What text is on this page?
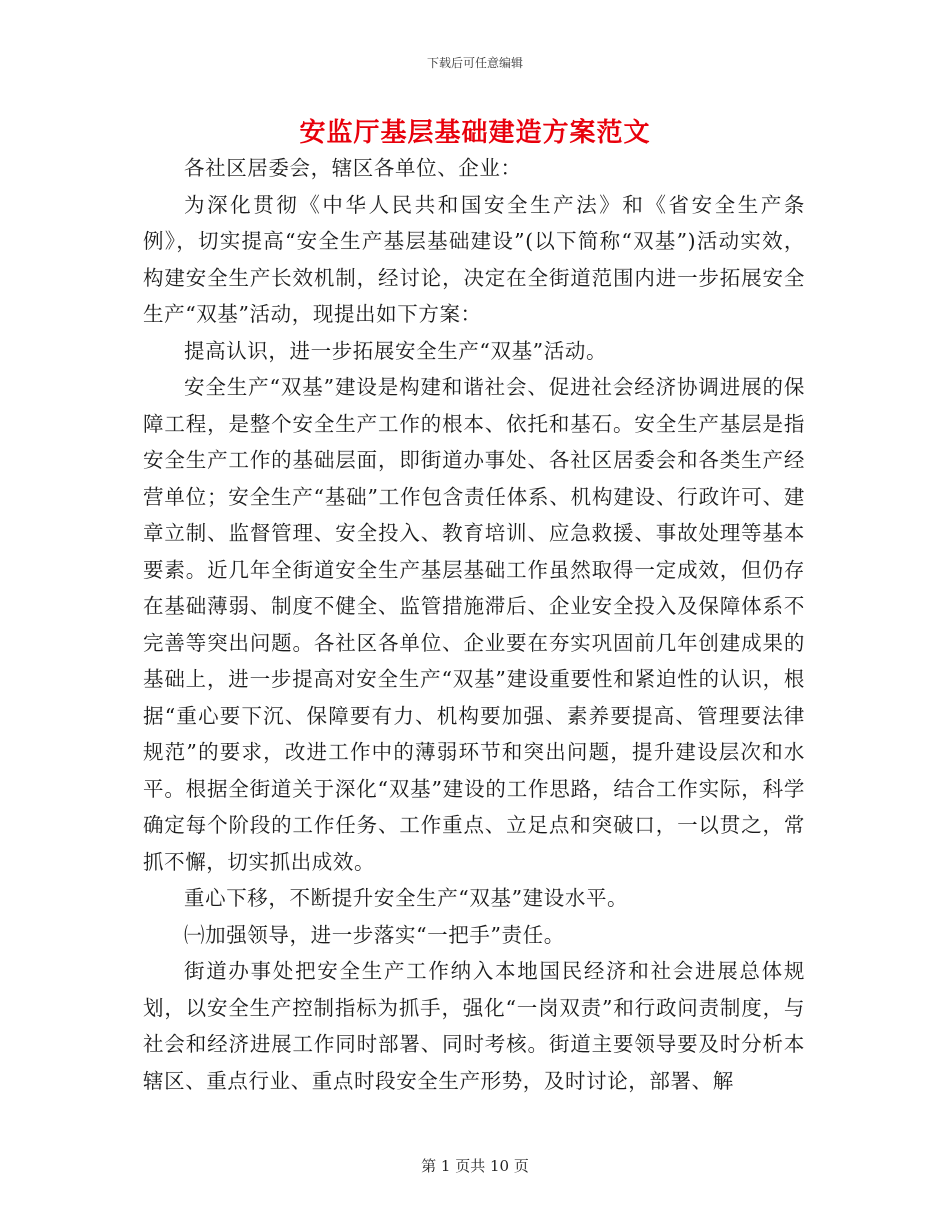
下载后可任意编辑
安监厅基层基础建造方案范文

各社区居委会，辖区各单位、企业：

为深化贯彻《中华人民共和国安全生产法》和《省安全生产条例》，切实提高“安全生产基层基础建设”(以下简称“双基”)活动实效，构建安全生产长效机制，经讨论，决定在全街道范围内进一步拓展安全生产“双基”活动，现提出如下方案：

提高认识，进一步拓展安全生产“双基”活动。

安全生产“双基”建设是构建和谐社会、促进社会经济协调进展的保障工程，是整个安全生产工作的根本、依托和基石。安全生产基层是指安全生产工作的基础层面，即街道办事处、各社区居委会和各类生产经营单位；安全生产“基础”工作包含责任体系、机构建设、行政许可、建章立制、监督管理、安全投入、教育培训、应急救援、事故处理等基本要素。近几年全街道安全生产基层基础工作虽然取得一定成效，但仍存在基础薄弱、制度不健全、监管措施滞后、企业安全投入及保障体系不完善等突出问题。各社区各单位、企业要在夯实巩固前几年创建成果的基础上，进一步提高对安全生产“双基”建设重要性和紧迫性的认识，根据“重心要下沉、保障要有力、机构要加强、素养要提高、管理要法律规范”的要求，改进工作中的薄弱环节和突出问题，提升建设层次和水平。根据全街道关于深化“双基”建设的工作思路，结合工作实际，科学确定每个阶段的工作任务、工作重点、立足点和突破口，一以贯之，常抓不懈，切实抓出成效。

重心下移，不断提升安全生产“双基”建设水平。

㈠加强领导，进一步落实“一把手”责任。

街道办事处把安全生产工作纳入本地国民经济和社会进展总体规划，以安全生产控制指标为抓手，强化“一岗双责”和行政问责制度，与社会和经济进展工作同时部署、同时考核。街道主要领导要及时分析本辖区、重点行业、重点时段安全生产形势，及时讨论，部署、解

第 1 页共 10 页
